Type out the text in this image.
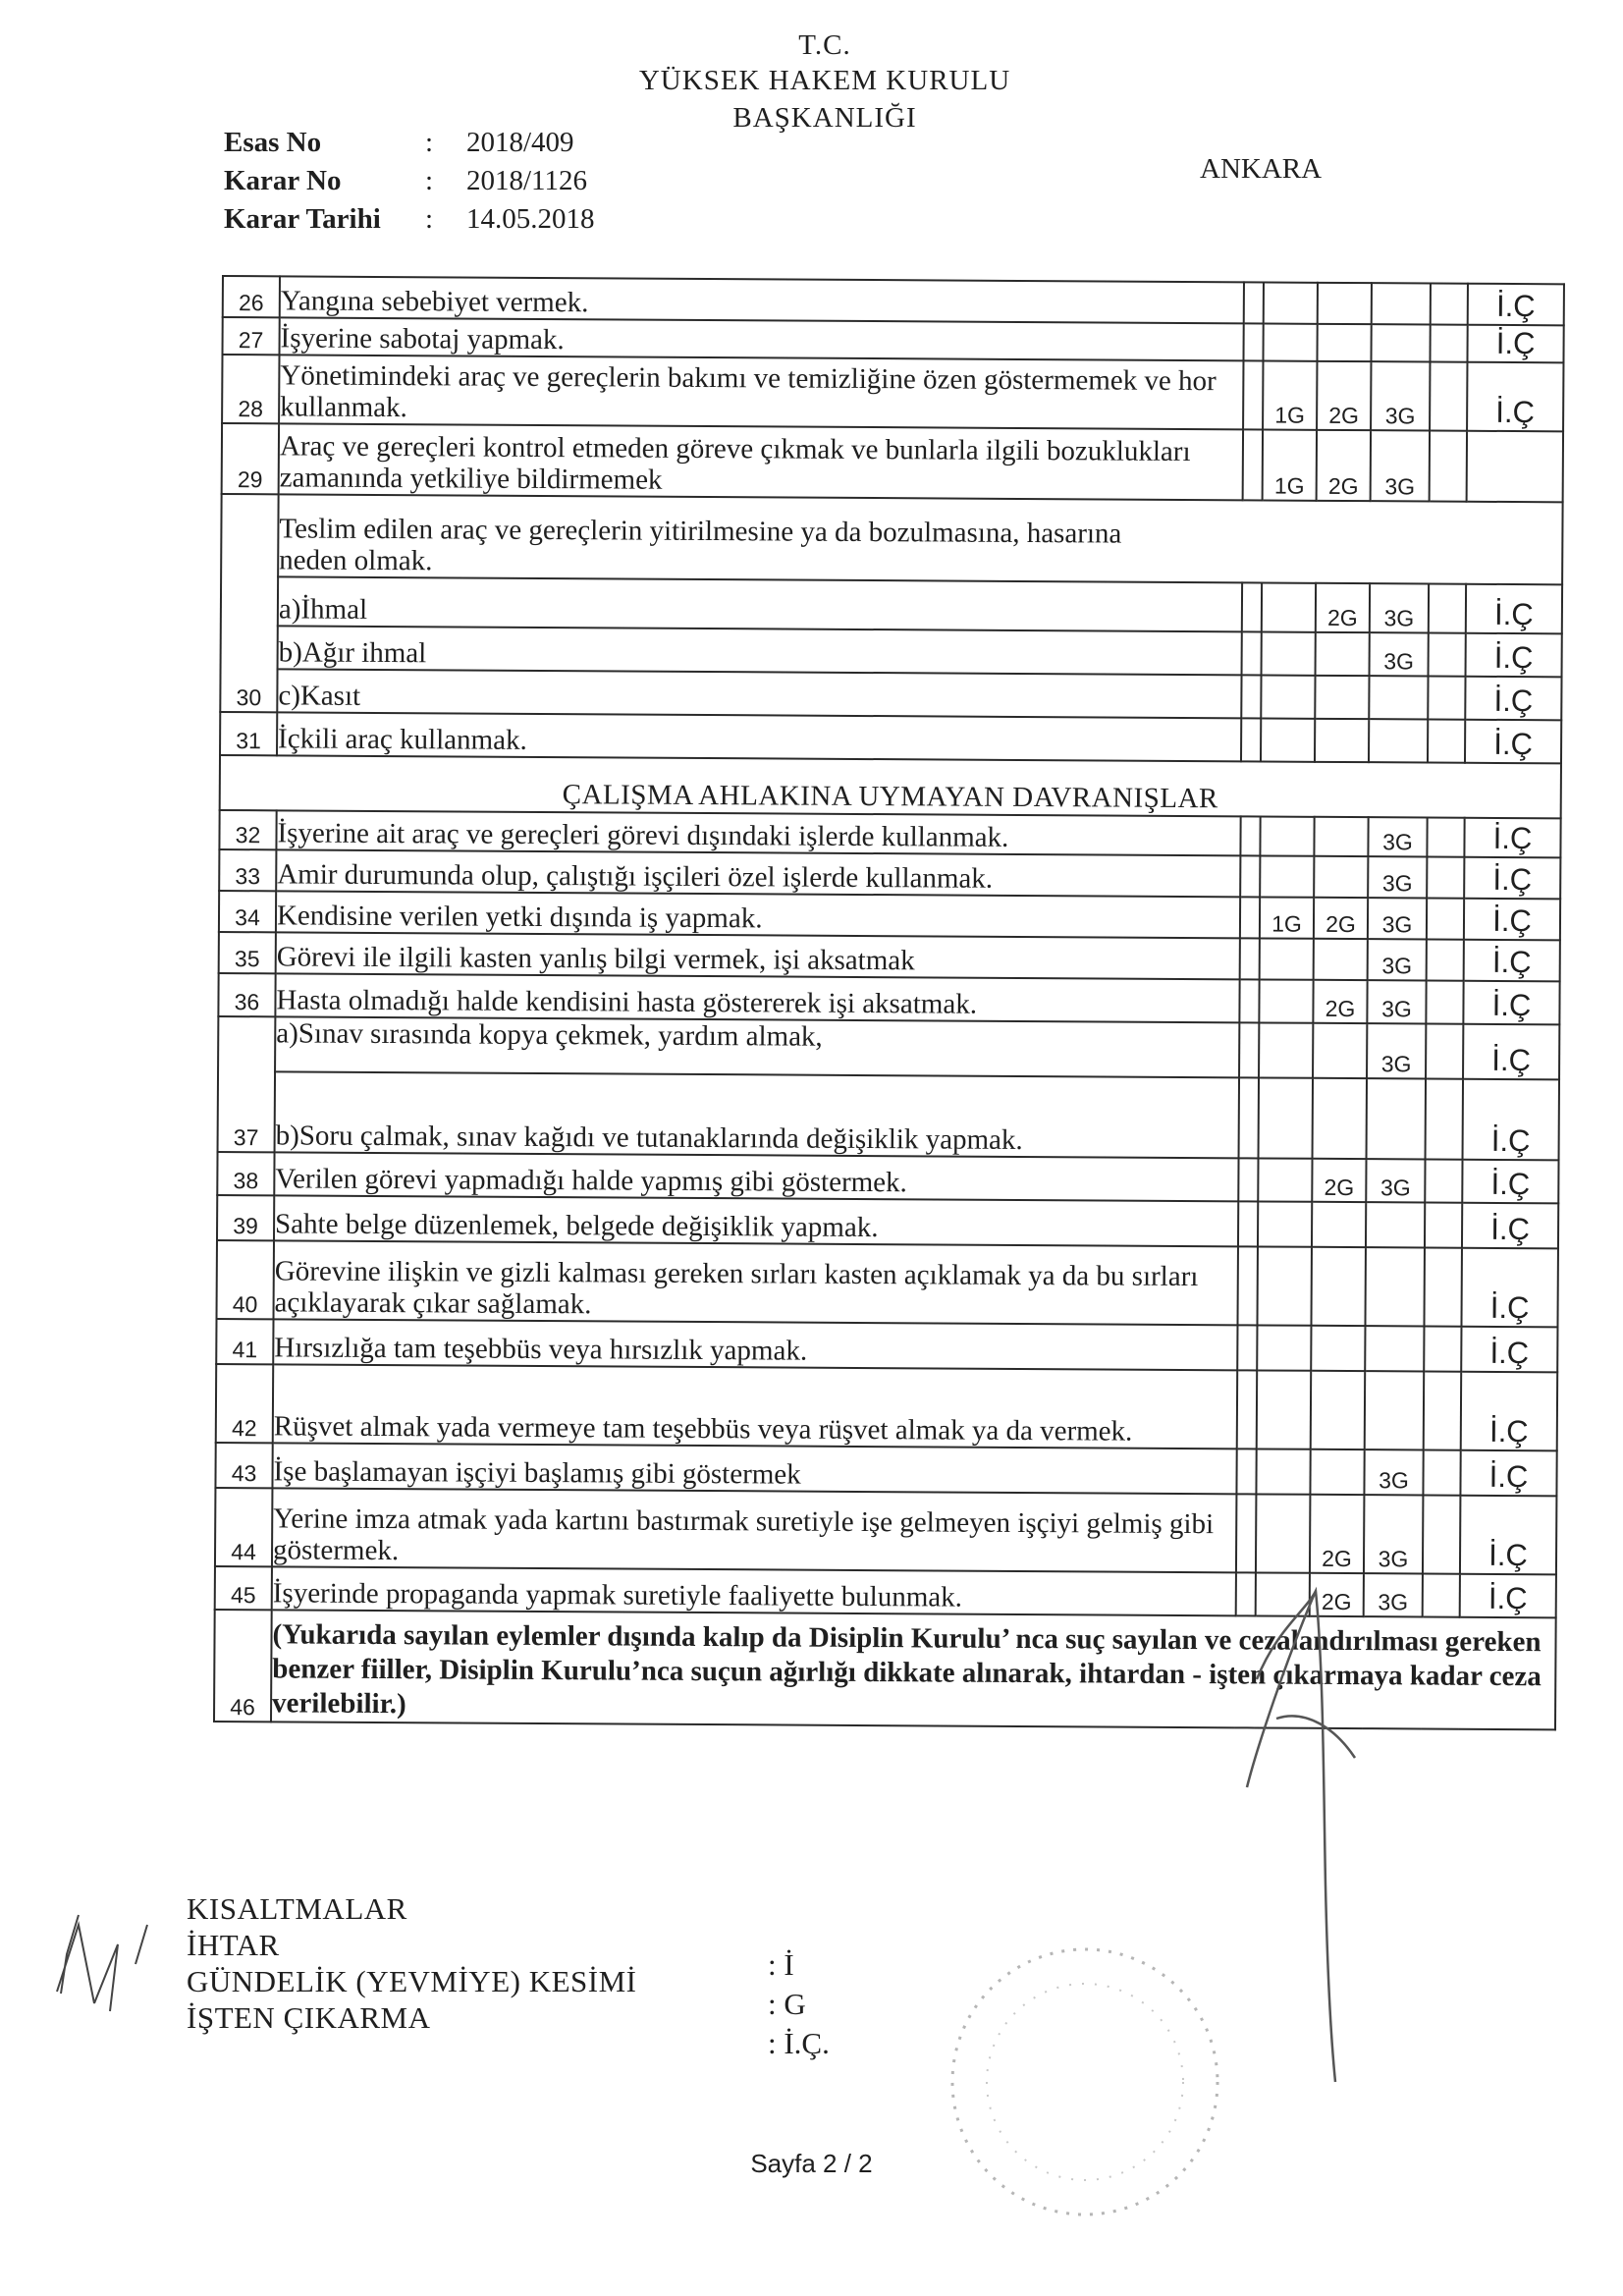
T.C.
YÜKSEK HAKEM KURULU
BAŞKANLIĞI
ANKARA
Esas No	:	2018/409
Karar No	:	2018/1126
Karar Tarihi	:	14.05.2018
26	Yangına sebebiyet vermek.						İ.Ç
27	İşyerine sabotaj yapmak.						İ.Ç
28	Yönetimindeki araç ve gereçlerin bakımı ve temizliğine özen göstermemek ve hor kullanmak.		1G	2G	3G		İ.Ç
29	Araç ve gereçleri kontrol etmeden göreve çıkmak ve bunlarla ilgili bozuklukları zamanında yetkiliye bildirmemek		1G	2G	3G		
30	Teslim edilen araç ve gereçlerin yitirilmesine ya da bozulmasına, hasarına neden olmak.						
	a)İhmal			2G	3G		İ.Ç
	b)Ağır ihmal				3G		İ.Ç
	c)Kasıt						İ.Ç
31	İçkili araç kullanmak.						İ.Ç
ÇALIŞMA AHLAKINA UYMAYAN DAVRANIŞLAR							
32	İşyerine ait araç ve gereçleri görevi dışındaki işlerde kullanmak.				3G		İ.Ç
33	Amir durumunda olup, çalıştığı işçileri özel işlerde kullanmak.				3G		İ.Ç
34	Kendisine verilen yetki dışında iş yapmak.		1G	2G	3G		İ.Ç
35	Görevi ile ilgili kasten yanlış bilgi vermek, işi aksatmak				3G		İ.Ç
36	Hasta olmadığı halde kendisini hasta göstererek işi aksatmak.			2G	3G		İ.Ç
37	a)Sınav sırasında kopya çekmek, yardım almak,				3G		İ.Ç
	b)Soru çalmak, sınav kağıdı ve tutanaklarında değişiklik yapmak.						İ.Ç
38	Verilen görevi yapmadığı halde yapmış gibi göstermek.			2G	3G		İ.Ç
39	Sahte belge düzenlemek, belgede değişiklik yapmak.						İ.Ç
40	Görevine ilişkin ve gizli kalması gereken sırları kasten açıklamak ya da bu sırları açıklayarak çıkar sağlamak.						İ.Ç
41	Hırsızlığa tam teşebbüs veya hırsızlık yapmak.						İ.Ç
42	Rüşvet almak yada vermeye tam teşebbüs veya rüşvet almak ya da vermek.						İ.Ç
43	İşe başlamayan işçiyi başlamış gibi göstermek				3G		İ.Ç
44	Yerine imza atmak yada kartını bastırmak suretiyle işe gelmeyen işçiyi gelmiş gibi göstermek.			2G	3G		İ.Ç
45	İşyerinde propaganda yapmak suretiyle faaliyette bulunmak.			2G	3G		İ.Ç
46	(Yukarıda sayılan eylemler dışında kalıp da Disiplin Kurulu’ nca suç sayılan ve cezalandırılması gereken benzer fiiller, Disiplin Kurulu’nca suçun ağırlığı dikkate alınarak, ihtardan - işten çıkarmaya kadar ceza verilebilir.)						
KISALTMALAR
İHTAR
GÜNDELİK (YEVMİYE) KESİMİ
İŞTEN ÇIKARMA
: İ
: G
: İ.Ç.
Sayfa 2 / 2
